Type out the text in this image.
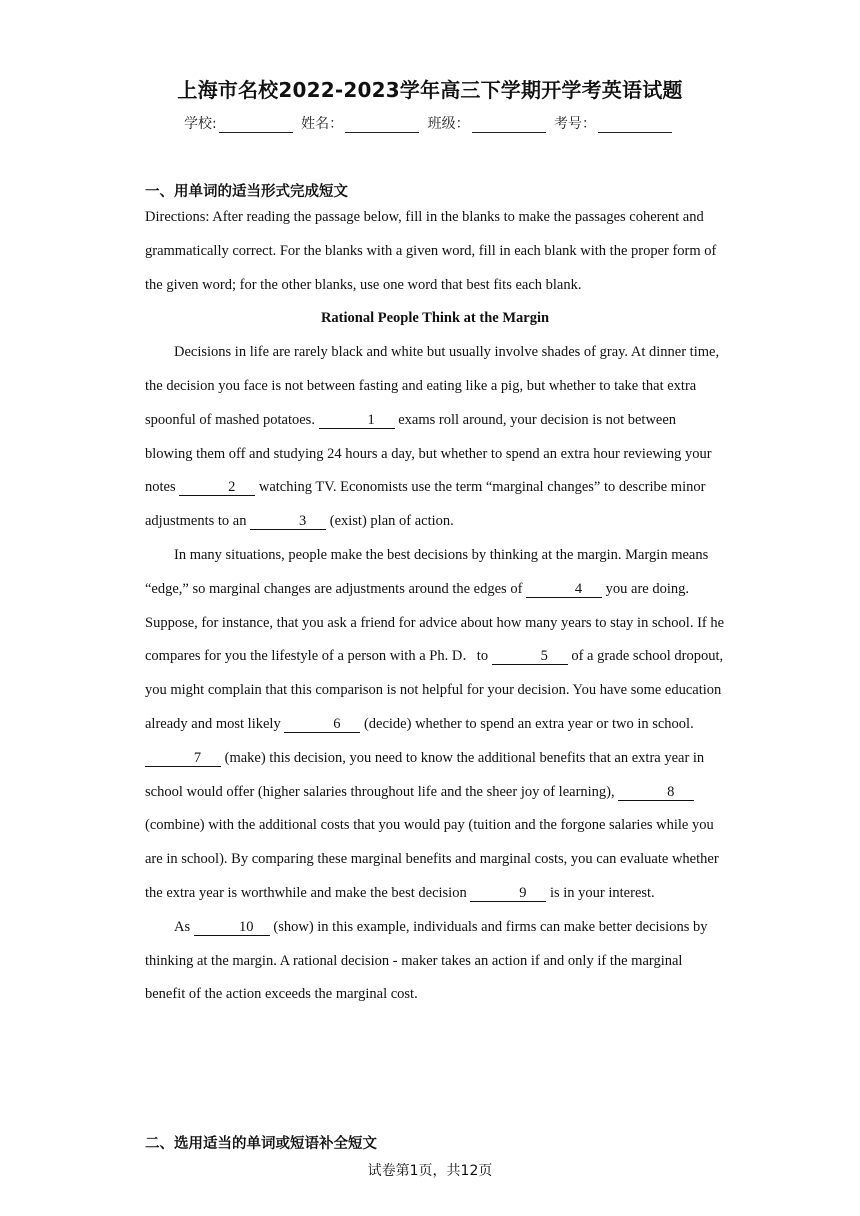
上海市名校2022-2023学年高三下学期开学考英语试题
学校:	姓名：	班级：	考号：
一、用单词的适当形式完成短文

Directions: After reading the passage below, fill in the blanks to make the passages coherent and grammatically correct. For the blanks with a given word, fill in each blank with the proper form of the given word; for the other blanks, use one word that best fits each blank.

Rational People Think at the Margin

Decisions in life are rarely black and white but usually involve shades of gray. At dinner time, the decision you face is not between fasting and eating like a pig, but whether to take that extra spoonful of mashed potatoes.	1 exams roll around, your decision is not between blowing them off and studying 24 hours a day, but whether to spend an extra hour reviewing your notes	2 watching TV. Economists use the term “marginal changes” to describe minor adjustments to an	3 (exist) plan of action.

In many situations, people make the best decisions by thinking at the margin. Margin means “edge,” so marginal changes are adjustments around the edges of	4 you are doing. Suppose, for instance, that you ask a friend for advice about how many years to stay in school. If he compares for you the lifestyle of a person with a Ph. D．to	5 of a grade school dropout, you might complain that this comparison is not helpful for your decision. You have some education already and most likely	6 (decide) whether to spend an extra year or two in school. 7 (make) this decision, you need to know the additional benefits that an extra year in school would offer (higher salaries throughout life and the sheer joy of learning),	8 (combine) with the additional costs that you would pay (tuition and the forgone salaries while you are in school). By comparing these marginal benefits and marginal costs, you can evaluate whether the extra year is worthwhile and make the best decision	9 is in your interest.

As	10 (show) in this example, individuals and firms can make better decisions by thinking at the margin. A rational decision - maker takes an action if and only if the marginal benefit of the action exceeds the marginal cost.

二、选用适当的单词或短语补全短文
试卷第1页，共12页
